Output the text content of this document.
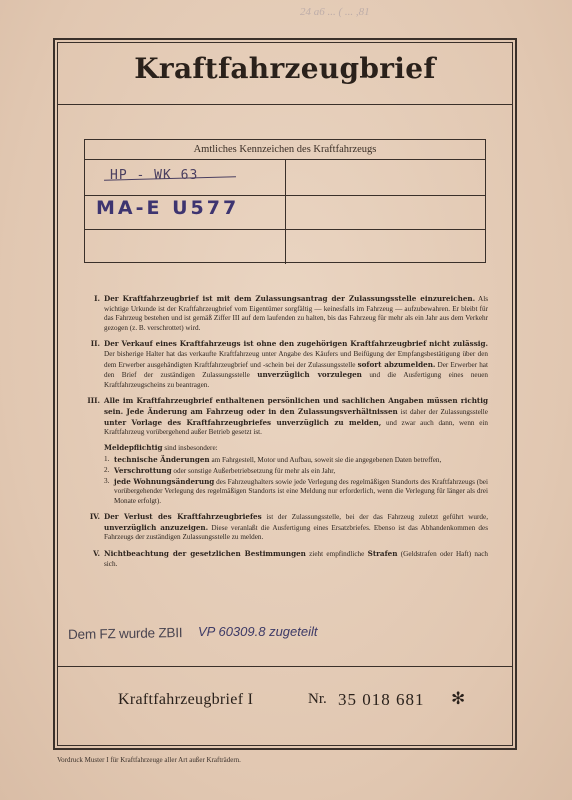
24 a6 ... ( ... ,81
Kraftfahrzeugbrief
Amtliches Kennzeichen des Kraftfahrzeugs
HP - WK 63
MA-E U577
I. Der Kraftfahrzeugbrief ist mit dem Zulassungsantrag der Zulassungsstelle einzureichen. Als wichtige Urkunde ist der Kraftfahrzeugbrief vom Eigentümer sorgfältig — keinesfalls im Fahrzeug — aufzubewahren. Er bleibt für das Fahrzeug bestehen und ist gemäß Ziffer III auf dem laufenden zu halten, bis das Fahrzeug für mehr als ein Jahr aus dem Verkehr gezogen (z. B. verschrottet) wird.
II. Der Verkauf eines Kraftfahrzeugs ist ohne den zugehörigen Kraftfahrzeugbrief nicht zulässig. Der bisherige Halter hat das verkaufte Kraftfahrzeug unter Angabe des Käufers und Beifügung der Empfangsbestätigung über den dem Erwerber ausgehändigten Kraftfahrzeugbrief und -schein bei der Zulassungsstelle sofort abzumelden. Der Erwerber hat den Brief der zuständigen Zulassungsstelle unverzüglich vorzulegen und die Ausfertigung eines neuen Kraftfahrzeugscheins zu beantragen.
III. Alle im Kraftfahrzeugbrief enthaltenen persönlichen und sachlichen Angaben müssen richtig sein. Jede Änderung am Fahrzeug oder in den Zulassungsverhältnissen ist daher der Zulassungsstelle unter Vorlage des Kraftfahrzeugbriefes unverzüglich zu melden, und zwar auch dann, wenn ein Kraftfahrzeug vorübergehend außer Betrieb gesetzt ist.
Meldepflichtig sind insbesondere:
1. technische Änderungen am Fahrgestell, Motor und Aufbau, soweit sie die angegebenen Daten betreffen,
2. Verschrottung oder sonstige Außerbetriebsetzung für mehr als ein Jahr,
3. jede Wohnungsänderung des Fahrzeughalters sowie jede Verlegung des regelmäßigen Standorts des Kraftfahrzeugs (bei vorübergehender Verlegung des regelmäßigen Standorts ist eine Meldung nur erforderlich, wenn die Verlegung für länger als drei Monate erfolgt).
IV. Der Verlust des Kraftfahrzeugbriefes ist der Zulassungsstelle, bei der das Fahrzeug zuletzt geführt wurde, unverzüglich anzuzeigen. Diese veranlaßt die Ausfertigung eines Ersatzbriefes. Ebenso ist das Abhandenkommen des Fahrzeugs der zuständigen Zulassungsstelle zu melden.
V. Nichtbeachtung der gesetzlichen Bestimmungen zieht empfindliche Strafen (Geldstrafen oder Haft) nach sich.
Dem FZ wurde ZBII VP 60309.8 zugeteilt
Kraftfahrzeugbrief I	Nr. 35 018 681 ✻
Vordruck Muster I für Kraftfahrzeuge aller Art außer Krafträdern.
